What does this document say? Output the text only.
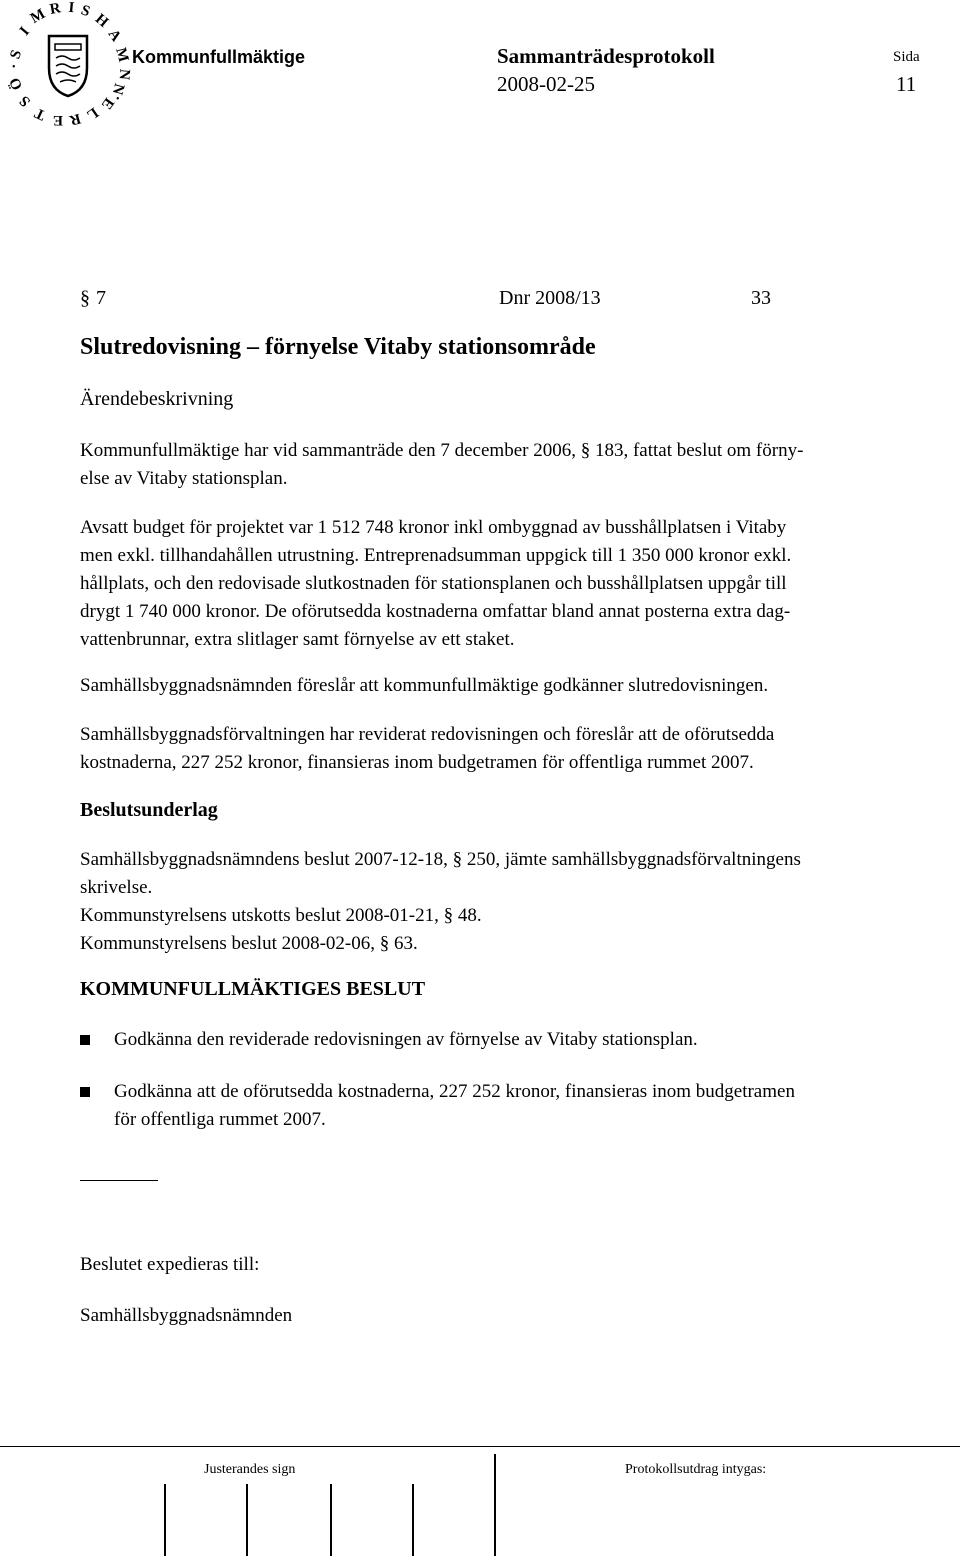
S
I
M R I S H
A
M
N
Ö
S
T E R L
E
N
•
•
Kommunfullmäktige	Sammanträdesprotokoll
2008-02-25
Sida
11
§ 7	Dnr 2008/13	33
Slutredovisning – förnyelse Vitaby stationsområde
Ärendebeskrivning
Kommunfullmäktige har vid sammanträde den 7 december 2006, § 183, fattat beslut om förny-
else av Vitaby stationsplan.
Avsatt budget för projektet var 1 512 748 kronor inkl ombyggnad av busshållplatsen i Vitaby
men exkl. tillhandahållen utrustning. Entreprenadsumman uppgick till 1 350 000 kronor exkl.
hållplats, och den redovisade slutkostnaden för stationsplanen och busshållplatsen uppgår till
drygt 1 740 000 kronor. De oförutsedda kostnaderna omfattar bland annat posterna extra dag-
vattenbrunnar, extra slitlager samt förnyelse av ett staket.
Samhällsbyggnadsnämnden föreslår att kommunfullmäktige godkänner slutredovisningen.
Samhällsbyggnadsförvaltningen har reviderat redovisningen och föreslår att de oförutsedda
kostnaderna, 227 252 kronor, finansieras inom budgetramen för offentliga rummet 2007.
Beslutsunderlag
Samhällsbyggnadsnämndens beslut 2007-12-18, § 250, jämte samhällsbyggnadsförvaltningens
skrivelse.
Kommunstyrelsens utskotts beslut 2008-01-21, § 48.
Kommunstyrelsens beslut 2008-02-06, § 63.
KOMMUNFULLMÄKTIGES BESLUT
Godkänna den reviderade redovisningen av förnyelse av Vitaby stationsplan.
Godkänna att de oförutsedda kostnaderna, 227 252 kronor, finansieras inom budgetramen
för offentliga rummet 2007.
Beslutet expedieras till:
Samhällsbyggnadsnämnden
Justerandes sign	Protokollsutdrag intygas:
